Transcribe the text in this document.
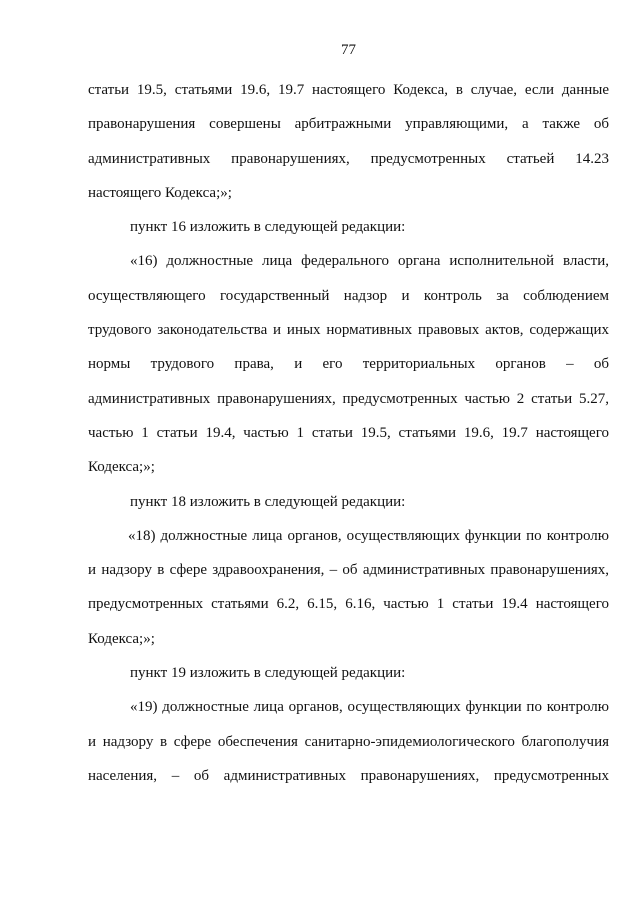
77
статьи 19.5, статьями 19.6, 19.7 настоящего Кодекса, в случае, если данные
правонарушения совершены арбитражными управляющими, а также об
административных правонарушениях, предусмотренных статьей 14.23
настоящего Кодекса;»;
пункт 16 изложить в следующей редакции:
«16) должностные лица федерального органа исполнительной власти,
осуществляющего государственный надзор и контроль за соблюдением
трудового законодательства и иных нормативных правовых актов, содержащих
нормы трудового права, и его территориальных органов – об
административных правонарушениях, предусмотренных частью 2 статьи 5.27,
частью 1 статьи 19.4, частью 1 статьи 19.5, статьями 19.6, 19.7 настоящего
Кодекса;»;
пункт 18 изложить в следующей редакции:
«18) должностные лица органов, осуществляющих функции по контролю
и надзору в сфере здравоохранения, – об административных правонарушениях,
предусмотренных статьями 6.2, 6.15, 6.16, частью 1 статьи 19.4 настоящего
Кодекса;»;
пункт 19 изложить в следующей редакции:
«19) должностные лица органов, осуществляющих функции по контролю
и надзору в сфере обеспечения санитарно-эпидемиологического благополучия
населения, – об административных правонарушениях, предусмотренных
